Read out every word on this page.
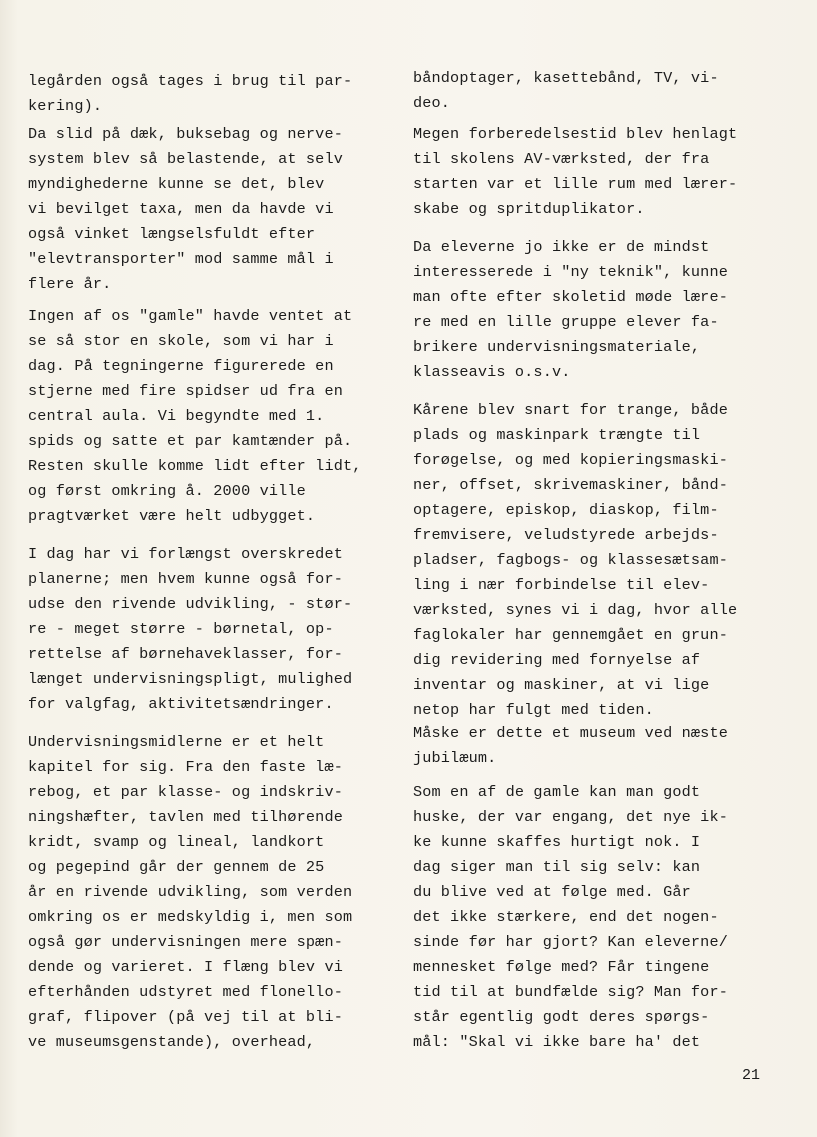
legården også tages i brug til par-
kering).
Da slid på dæk, buksebag og nerve-
system blev så belastende, at selv
myndighederne kunne se det, blev
vi bevilget taxa, men da havde vi
også vinket længselsfuldt efter
"elevtransporter" mod samme mål i
flere år.
Ingen af os "gamle" havde ventet at
se så stor en skole, som vi har i
dag. På tegningerne figurerede en
stjerne med fire spidser ud fra en
central aula. Vi begyndte med 1.
spids og satte et par kamtænder på.
Resten skulle komme lidt efter lidt,
og først omkring å. 2000 ville
pragtværket være helt udbygget.
I dag har vi forlængst overskredet
planerne; men hvem kunne også for-
udse den rivende udvikling, - stør-
re - meget større - børnetal, op-
rettelse af børnehaveklasser, for-
længet undervisningspligt, mulighed
for valgfag, aktivitetsændringer.
Undervisningsmidlerne er et helt
kapitel for sig. Fra den faste læ-
rebog, et par klasse- og indskriv-
ningshæfter, tavlen med tilhørende
kridt, svamp og lineal, landkort
og pegepind går der gennem de 25
år en rivende udvikling, som verden
omkring os er medskyldig i, men som
også gør undervisningen mere spæn-
dende og varieret. I flæng blev vi
efterhånden udstyret med flonello-
graf, flipover (på vej til at bli-
ve museumsgenstande), overhead,
båndoptager, kasettebånd, TV, vi-
deo.
Megen forberedelsestid blev henlagt
til skolens AV-værksted, der fra
starten var et lille rum med lærer-
skabe og spritduplikator.
Da eleverne jo ikke er de mindst
interesserede i "ny teknik", kunne
man ofte efter skoletid møde lære-
re med en lille gruppe elever fa-
brikere undervisningsmateriale,
klasseavis o.s.v.
Kårene blev snart for trange, både
plads og maskinpark trængte til
forøgelse, og med kopieringsmaski-
ner, offset, skrivemaskiner, bånd-
optagere, episkop, diaskop, film-
fremvisere, veludstyrede arbejds-
pladser, fagbogs- og klassesætsam-
ling i nær forbindelse til elev-
værksted, synes vi i dag, hvor alle
faglokaler har gennemgået en grun-
dig revidering med fornyelse af
inventar og maskiner, at vi lige
netop har fulgt med tiden.
Måske er dette et museum ved næste
jubilæum.
Som en af de gamle kan man godt
huske, der var engang, det nye ik-
ke kunne skaffes hurtigt nok. I
dag siger man til sig selv: kan
du blive ved at følge med. Går
det ikke stærkere, end det nogen-
sinde før har gjort? Kan eleverne/
mennesket følge med? Får tingene
tid til at bundfælde sig? Man for-
står egentlig godt deres spørgs-
mål: "Skal vi ikke bare ha' det
21
